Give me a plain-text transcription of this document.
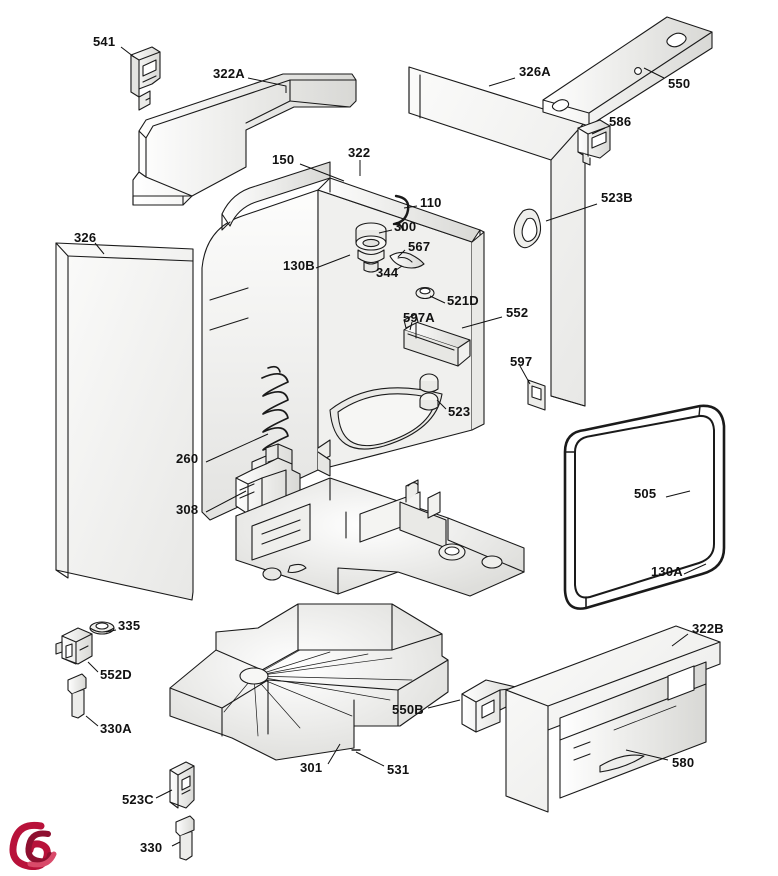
541
322A	326A
550
586
150	322
110	523B
300
326
567
130B	344
521D
552
597A
597
523
505
260
308
130A
322B
335
552D
330A
550B
301	531	580
523C
330
